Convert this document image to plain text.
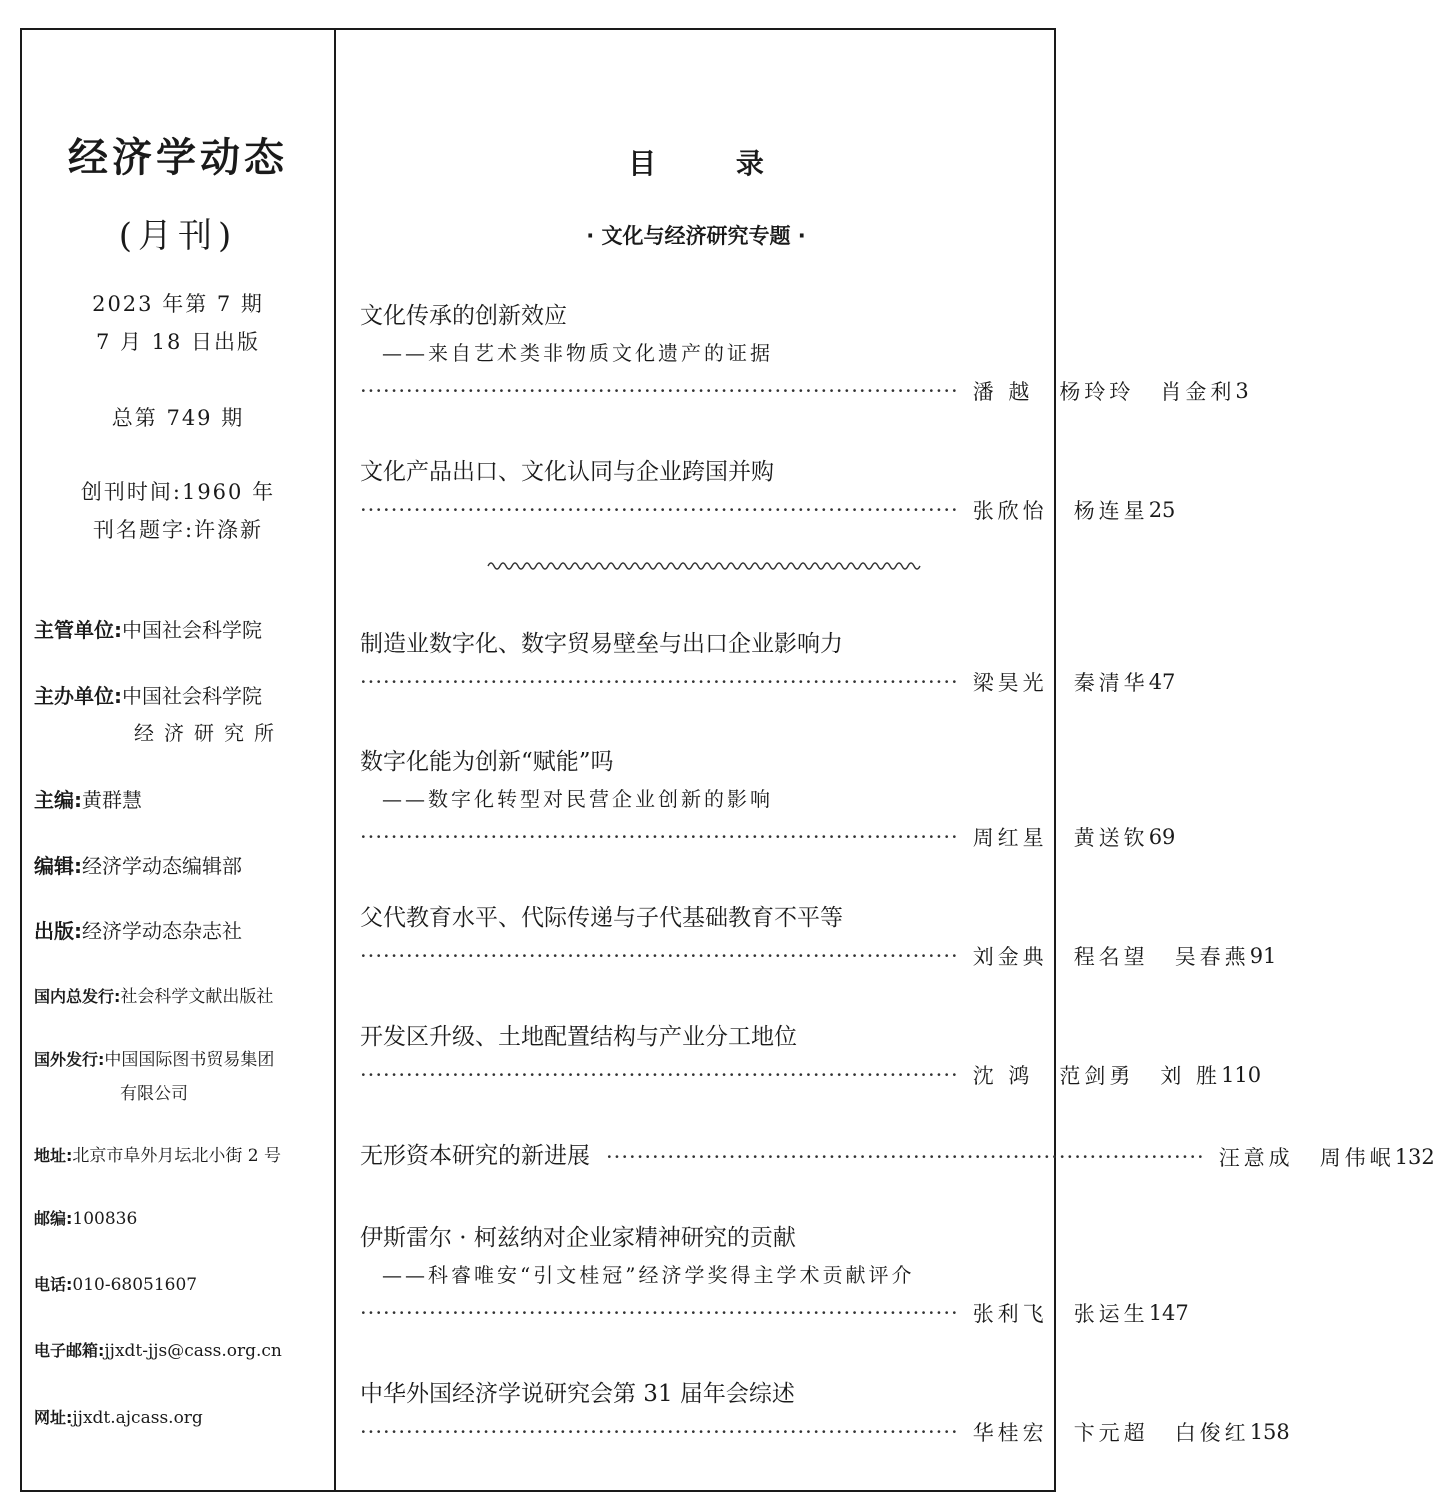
经济学动态
(月刊)
2023 年第 7 期
7 月 18 日出版
总第 749 期
创刊时间:1960 年
刊名题字:许涤新
主管单位:中国社会科学院
主办单位:中国社会科学院
经济研究所
主编:黄群慧
编辑:经济学动态编辑部
出版:经济学动态杂志社
国内总发行:社会科学文献出版社
国外发行:中国国际图书贸易集团
有限公司
地址:北京市阜外月坛北小街 2 号
邮编:100836
电话:010-68051607
电子邮箱:jjxdt-jjs@cass.org.cn
网址:jjxdt.ajcass.org
目 录
· 文化与经济研究专题 ·
文化传承的创新效应
——来自艺术类非物质文化遗产的证据
·············································································· 潘 越 杨玲玲 肖金利 3
文化产品出口、文化认同与企业跨国并购
·············································································· 张欣怡 杨连星 25
制造业数字化、数字贸易壁垒与出口企业影响力
·············································································· 梁昊光 秦清华 47
数字化能为创新“赋能”吗
——数字化转型对民营企业创新的影响
·············································································· 周红星 黄送钦 69
父代教育水平、代际传递与子代基础教育不平等
·············································································· 刘金典 程名望 吴春燕 91
开发区升级、土地配置结构与产业分工地位
·············································································· 沈 鸿 范剑勇 刘 胜 110
无形资本研究的新进展 ·············································································· 汪意成 周伟岷 132
伊斯雷尔 · 柯兹纳对企业家精神研究的贡献
——科睿唯安“引文桂冠”经济学奖得主学术贡献评介
·············································································· 张利飞 张运生 147
中华外国经济学说研究会第 31 届年会综述
·············································································· 华桂宏 卞元超 白俊红 158
